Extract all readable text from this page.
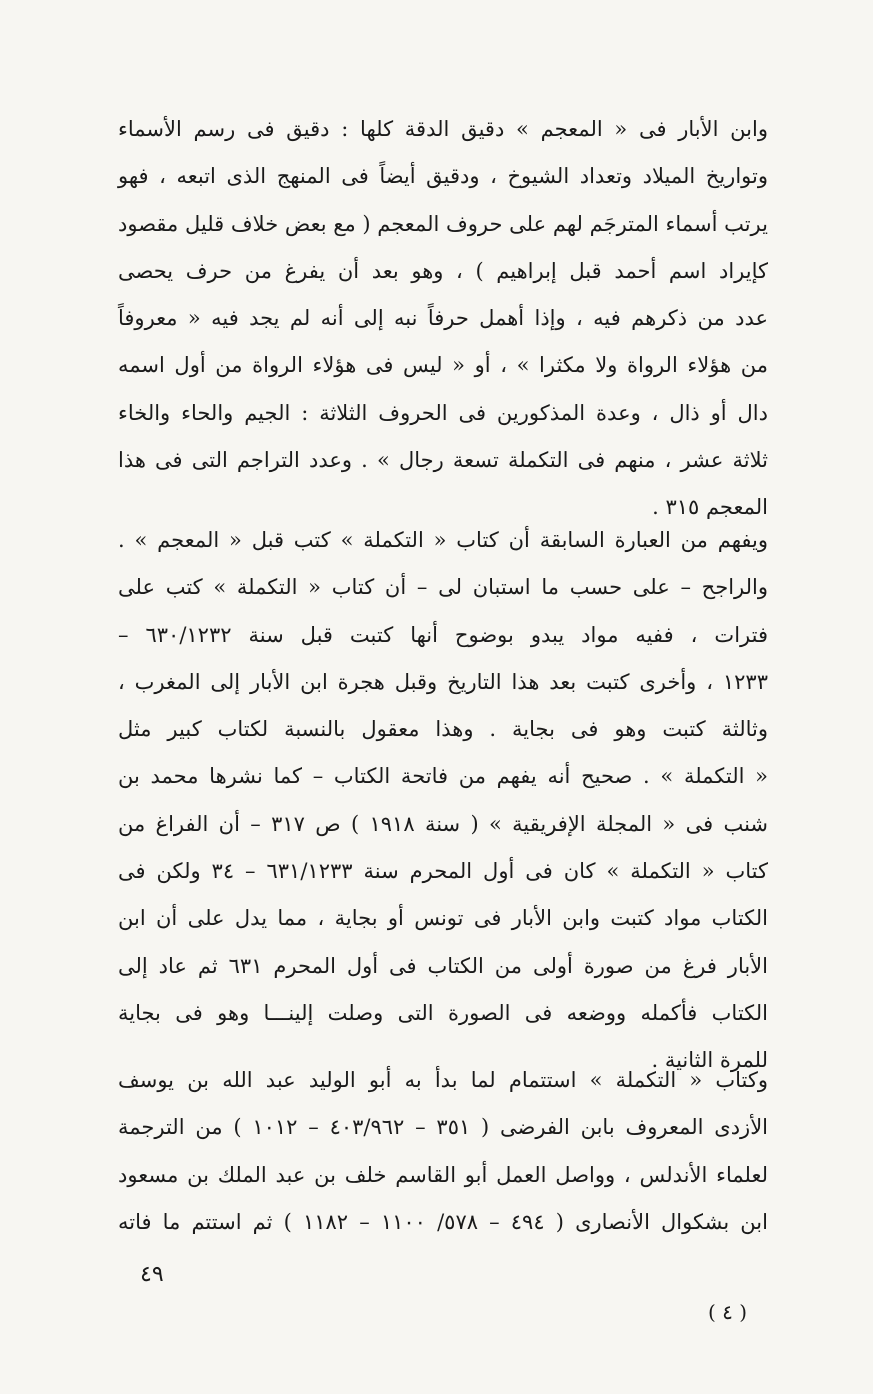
وابن الأبار فى « المعجم » دقيق الدقة كلها : دقيق فى رسم الأسماء
وتواريخ الميلاد وتعداد الشيوخ ، ودقيق أيضاً فى المنهج الذى اتبعه ، فهو
يرتب أسماء المترجَم لهم على حروف المعجم ( مع بعض خلاف قليل مقصود
كإيراد اسم أحمد قبل إبراهيم ) ، وهو بعد أن يفرغ من حرف يحصى
عدد من ذكرهم فيه ، وإذا أهمل حرفاً نبه إلى أنه لم يجد فيه « معروفاً
من هؤلاء الرواة ولا مكثرا » ، أو « ليس فى هؤلاء الرواة من أول اسمه
دال أو ذال ، وعدة المذكورين فى الحروف الثلاثة : الجيم والحاء والخاء
ثلاثة عشر ، منهم فى التكملة تسعة رجال » . وعدد التراجم التى فى هذا
المعجم ٣١٥ .

ويفهم من العبارة السابقة أن كتاب « التكملة » كتب قبل « المعجم » .
والراجح – على حسب ما استبان لى – أن كتاب « التكملة » كتب على
فترات ، ففيه مواد يبدو بوضوح أنها كتبت قبل سنة ٦٣٠/١٢٣٢ –
١٢٣٣ ، وأخرى كتبت بعد هذا التاريخ وقبل هجرة ابن الأبار إلى المغرب ،
وثالثة كتبت وهو فى بجاية . وهذا معقول بالنسبة لكتاب كبير مثل
« التكملة » . صحيح أنه يفهم من فاتحة الكتاب – كما نشرها محمد بن
شنب فى « المجلة الإفريقية » ( سنة ١٩١٨ ) ص ٣١٧ – أن الفراغ من
كتاب « التكملة » كان فى أول المحرم سنة ٦٣١/١٢٣٣ – ٣٤ ولكن فى
الكتاب مواد كتبت وابن الأبار فى تونس أو بجاية ، مما يدل على أن ابن
الأبار فرغ من صورة أولى من الكتاب فى أول المحرم ٦٣١ ثم عاد إلى
الكتاب فأكمله ووضعه فى الصورة التى وصلت إلينـــا وهو فى بجاية
للمرة الثانية .

وكتاب « التكملة » استتمام لما بدأ به أبو الوليد عبد الله بن يوسف
الأزدى المعروف بابن الفرضى ( ٣٥١ – ٤٠٣/٩٦٢ – ١٠١٢ ) من الترجمة
لعلماء الأندلس ، وواصل العمل أبو القاسم خلف بن عبد الملك بن مسعود
ابن بشكوال الأنصارى ( ٤٩٤ – ٥٧٨/ ١١٠٠ – ١١٨٢ ) ثم استتم ما فاته

٤٩
( ٤ )
